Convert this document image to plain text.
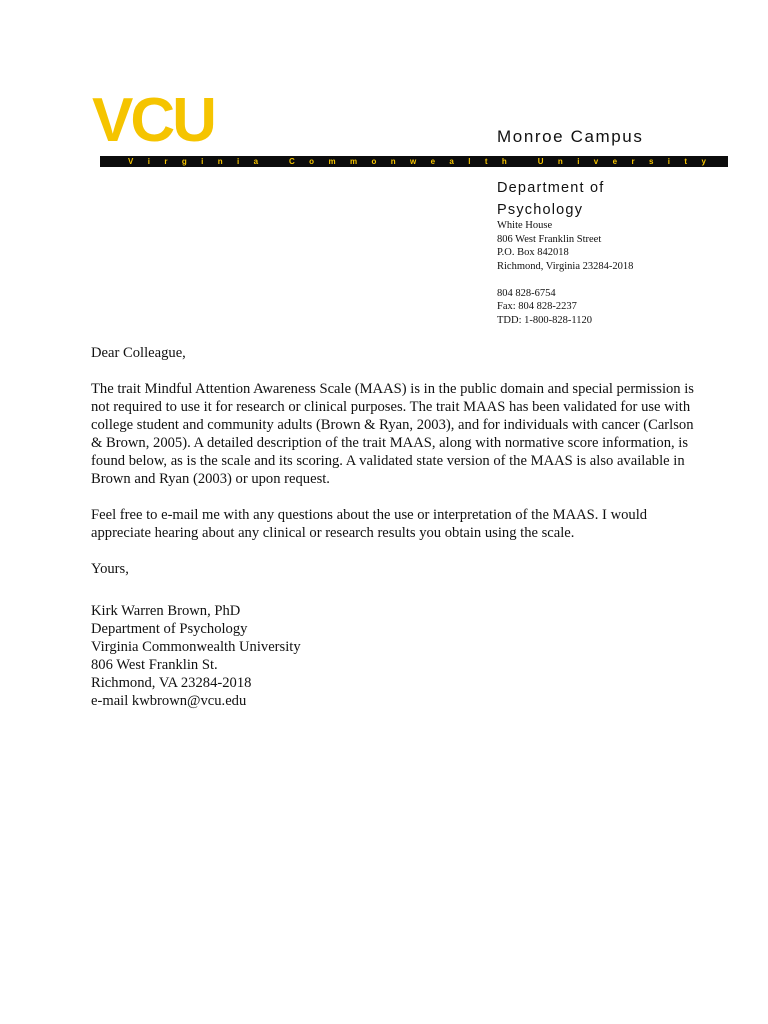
VCU	Monroe Campus
V i r g i n i a
	C o m m o n w e a l t h
	U n i v e r s i t y
Department of
Psychology
White House
806 West Franklin Street
P.O. Box 842018
Richmond, Virginia 23284-2018
804 828-6754
Fax: 804 828-2237
TDD: 1-800-828-1120

Dear Colleague,

The trait Mindful Attention Awareness Scale (MAAS) is in the public domain and special permission is not required to use it for research or clinical purposes. The trait MAAS has been validated for use with college student and community adults (Brown & Ryan, 2003), and for individuals with cancer (Carlson & Brown, 2005). A detailed description of the trait MAAS, along with normative score information, is found below, as is the scale and its scoring. A validated state version of the MAAS is also available in Brown and Ryan (2003) or upon request.

Feel free to e-mail me with any questions about the use or interpretation of the MAAS. I would appreciate hearing about any clinical or research results you obtain using the scale.

Yours,

Kirk Warren Brown, PhD
Department of Psychology
Virginia Commonwealth University
806 West Franklin St.
Richmond, VA 23284-2018
e-mail kwbrown@vcu.edu
